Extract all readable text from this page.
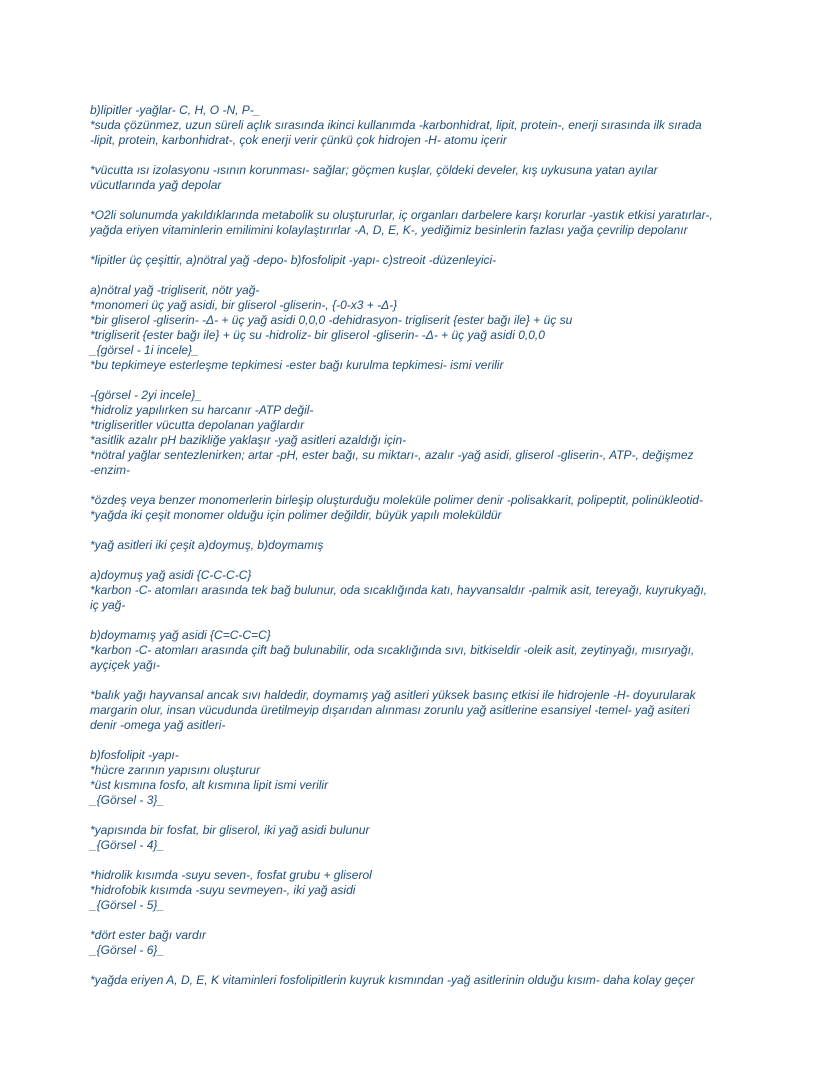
b)lipitler -yağlar- C, H, O -N, P-_
*suda çözünmez, uzun süreli açlık sırasında ikinci kullanımda -karbonhidrat, lipit, protein-, enerji sırasında ilk sırada
-lipit, protein, karbonhidrat-, çok enerji verir çünkü çok hidrojen -H- atomu içerir
*vücutta ısı izolasyonu -ısının korunması- sağlar; göçmen kuşlar, çöldeki develer, kış uykusuna yatan ayılar
vücutlarında yağ depolar
*O2li solunumda yakıldıklarında metabolik su oluştururlar, iç organları darbelere karşı korurlar -yastık etkisi yaratırlar-,
yağda eriyen vitaminlerin emilimini kolaylaştırırlar -A, D, E, K-, yediğimiz besinlerin fazlası yağa çevrilip depolanır
*lipitler üç çeşittir, a)nötral yağ -depo- b)fosfolipit -yapı- c)streoit -düzenleyici-
a)nötral yağ -trigliserit, nötr yağ-
*monomeri üç yağ asidi, bir gliserol -gliserin-, {-0-x3 + -Δ-}
*bir gliserol -gliserin- -Δ- + üç yağ asidi 0,0,0 -dehidrasyon- trigliserit {ester bağı ile} + üç su
*trigliserit {ester bağı ile} + üç su -hidroliz- bir gliserol -gliserin- -Δ- + üç yağ asidi 0,0,0
_{görsel - 1i incele}_
*bu tepkimeye esterleşme tepkimesi -ester bağı kurulma tepkimesi- ismi verilir
-{görsel - 2yi incele}_
*hidroliz yapılırken su harcanır -ATP değil-
*trigliseritler vücutta depolanan yağlardır
*asitlik azalır pH bazikliğe yaklaşır -yağ asitleri azaldığı için-
*nötral yağlar sentezlenirken; artar -pH, ester bağı, su miktarı-, azalır -yağ asidi, gliserol -gliserin-, ATP-, değişmez
-enzim-
*özdeş veya benzer monomerlerin birleşip oluşturduğu moleküle polimer denir -polisakkarit, polipeptit, polinükleotid-
*yağda iki çeşit monomer olduğu için polimer değildir, büyük yapılı moleküldür
*yağ asitleri iki çeşit a)doymuş, b)doymamış
a)doymuş yağ asidi {C-C-C-C}
*karbon -C- atomları arasında tek bağ bulunur, oda sıcaklığında katı, hayvansaldır -palmik asit, tereyağı, kuyrukyağı,
iç yağ-
b)doymamış yağ asidi {C=C-C=C}
*karbon -C- atomları arasında çift bağ bulunabilir, oda sıcaklığında sıvı, bitkiseldir -oleik asit, zeytinyağı, mısıryağı,
ayçiçek yağı-
*balık yağı hayvansal ancak sıvı haldedir, doymamış yağ asitleri yüksek basınç etkisi ile hidrojenle -H- doyurularak
margarin olur, insan vücudunda üretilmeyip dışarıdan alınması zorunlu yağ asitlerine esansiyel -temel- yağ asiteri
denir -omega yağ asitleri-
b)fosfolipit -yapı-
*hücre zarının yapısını oluşturur
*üst kısmına fosfo, alt kısmına lipit ismi verilir
_{Görsel - 3}_
*yapısında bir fosfat, bir gliserol, iki yağ asidi bulunur
_{Görsel - 4}_
*hidrolik kısımda -suyu seven-, fosfat grubu + gliserol
*hidrofobik kısımda -suyu sevmeyen-, iki yağ asidi
_{Görsel - 5}_
*dört ester bağı vardır
_{Görsel - 6}_
*yağda eriyen A, D, E, K vitaminleri fosfolipitlerin kuyruk kısmından -yağ asitlerinin olduğu kısım- daha kolay geçer
